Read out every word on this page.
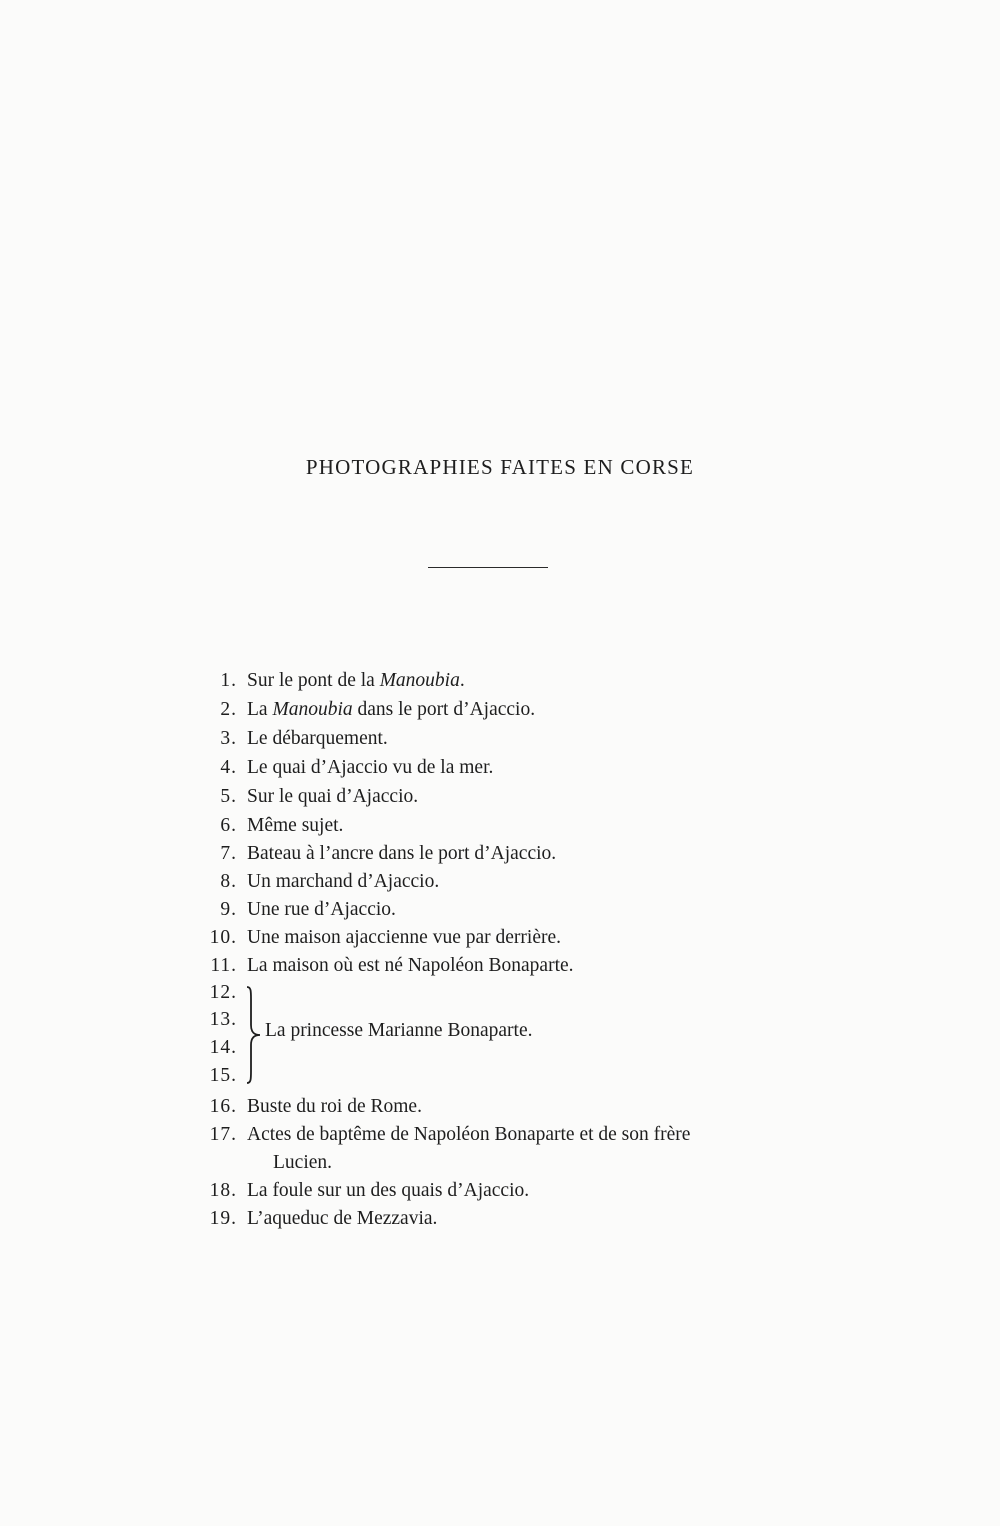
PHOTOGRAPHIES FAITES EN CORSE
1. Sur le pont de la Manoubia.
2. La Manoubia dans le port d’Ajaccio.
3. Le débarquement.
4. Le quai d’Ajaccio vu de la mer.
5. Sur le quai d’Ajaccio.
6. Même sujet.
7. Bateau à l’ancre dans le port d’Ajaccio.
8. Un marchand d’Ajaccio.
9. Une rue d’Ajaccio.
10. Une maison ajaccienne vue par derrière.
11. La maison où est né Napoléon Bonaparte.
12.
13.
14.
15.
La princesse Marianne Bonaparte.
16. Buste du roi de Rome.
17. Actes de baptême de Napoléon Bonaparte et de son frère
Lucien.
18. La foule sur un des quais d’Ajaccio.
19. L’aqueduc de Mezzavia.
